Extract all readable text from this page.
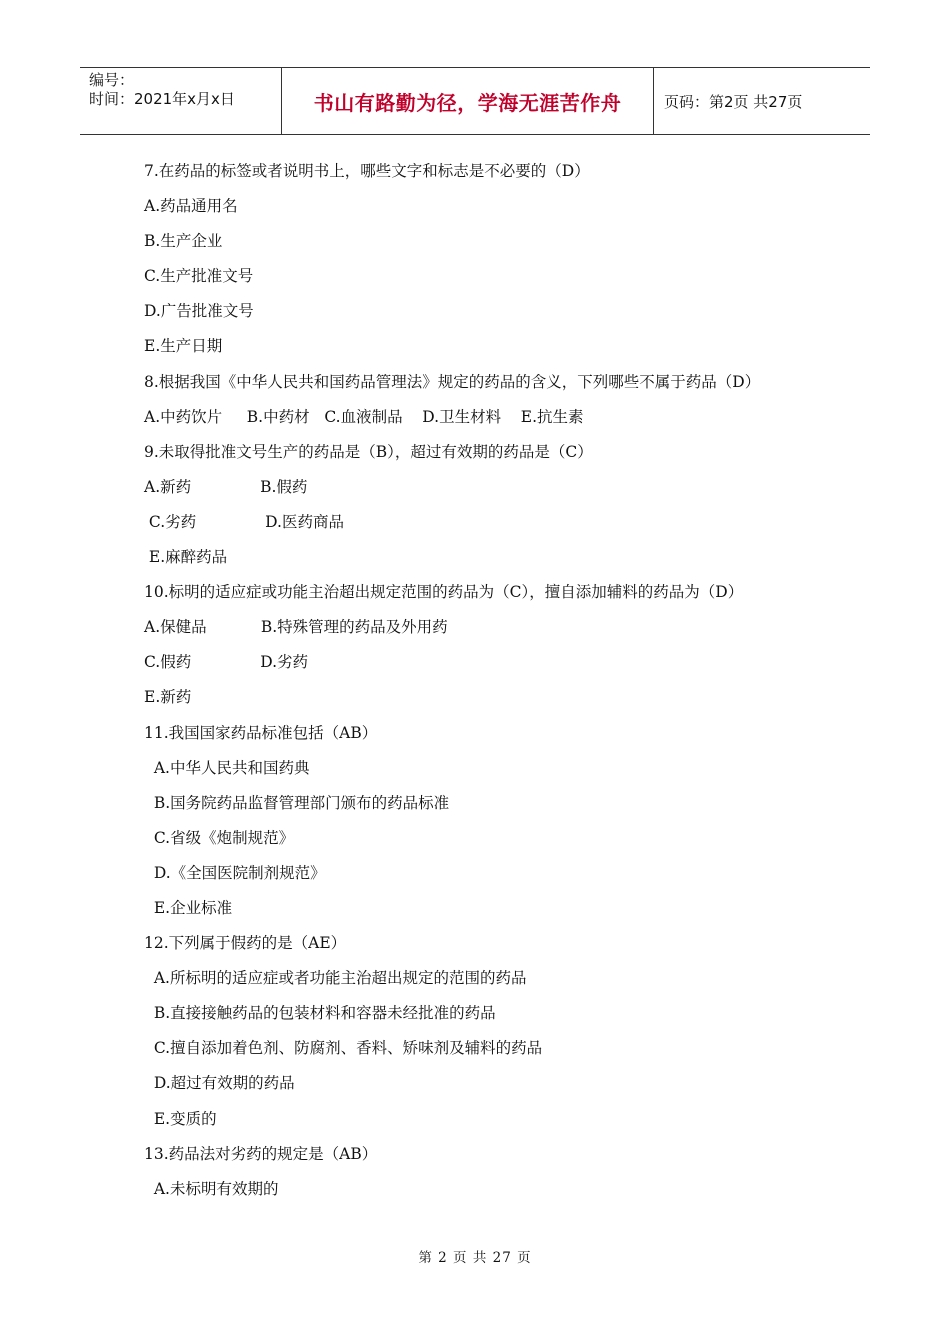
编号：
时间：2021年x月x日	书山有路勤为径，学海无涯苦作舟	页码：第2页 共27页
7.在药品的标签或者说明书上，哪些文字和标志是不必要的（D）
A.药品通用名
B.生产企业
C.生产批准文号
D.广告批准文号
E.生产日期
8.根据我国《中华人民共和国药品管理法》规定的药品的含义，下列哪些不属于药品（D）
A.中药饮片     B.中药材   C.血液制品    D.卫生材料    E.抗生素
9.未取得批准文号生产的药品是（B），超过有效期的药品是（C）
A.新药              B.假药
C.劣药              D.医药商品
E.麻醉药品
10.标明的适应症或功能主治超出规定范围的药品为（C），擅自添加辅料的药品为（D）
A.保健品           B.特殊管理的药品及外用药
C.假药              D.劣药
E.新药
11.我国国家药品标准包括（AB）
A.中华人民共和国药典
B.国务院药品监督管理部门颁布的药品标准
C.省级《炮制规范》
D.《全国医院制剂规范》
E.企业标准
12.下列属于假药的是（AE）
A.所标明的适应症或者功能主治超出规定的范围的药品
B.直接接触药品的包装材料和容器未经批准的药品
C.擅自添加着色剂、防腐剂、香料、矫味剂及辅料的药品
D.超过有效期的药品
E.变质的
13.药品法对劣药的规定是（AB）
A.未标明有效期的
第 2 页 共 27 页
